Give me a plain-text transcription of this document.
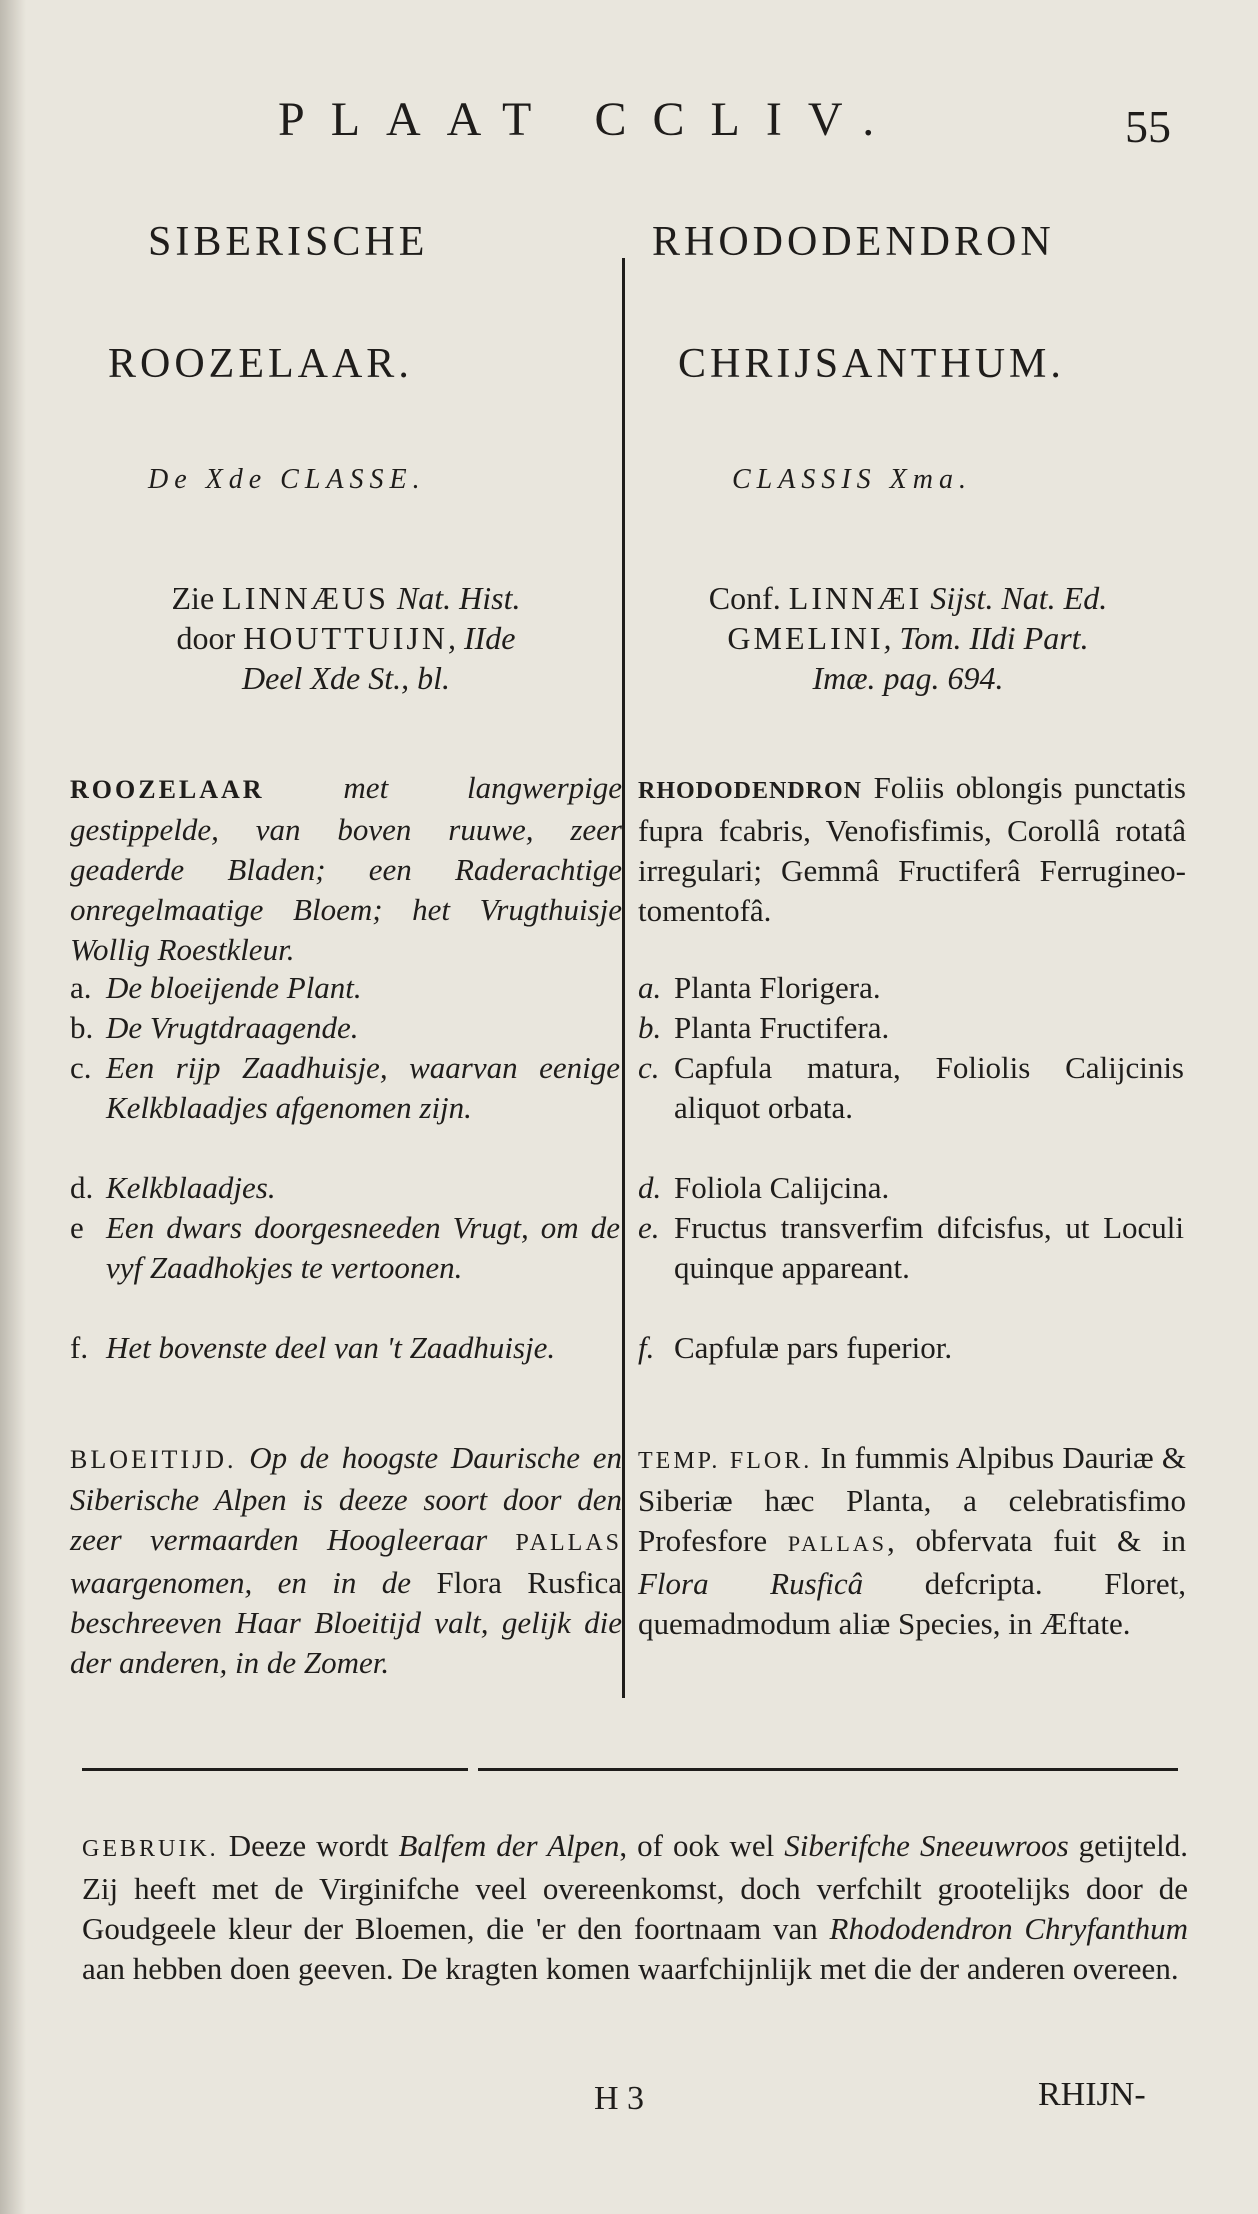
PLAAT CCLIV.	55
SIBERISCHE
ROOZELAAR.
De Xde CLASSE.
Zie LINNÆUS Nat. Hist.
door HOUTTUIJN, IIde
Deel Xde St., bl.
ROOZELAAR	met langwerpige gestippelde, van boven ruuwe, zeer geaderde Bladen; een Raderachtige onregelmaatige Bloem; het Vrugthuisje Wollig Roestkleur.
a. De bloeijende Plant.
b. De Vrugtdraagende.
c. Een rijp Zaadhuisje, waarvan eenige Kelkblaadjes afgenomen zijn.
d. Kelkblaadjes.
e Een dwars doorgesneeden Vrugt, om de vyf Zaadhokjes te vertoonen.
f. Het bovenste deel van 't Zaadhuisje.
BLOEITIJD. Op de hoogste Daurische en Siberische Alpen is deeze soort door den zeer vermaarden Hoogleeraar PALLAS waargenomen, en in de Flora Rusfica beschreeven Haar Bloeitijd valt, gelijk die der anderen, in de Zomer.
RHODODENDRON
CHRIJSANTHUM.
CLASSIS Xma.
Conf. LINNÆI Sijst. Nat. Ed.
GMELINI, Tom. IIdi Part.
Imæ. pag. 694.
RHODODENDRON Foliis oblongis punctatis fupra fcabris, Venofisfimis, Corollâ rotatâ irregulari; Gemmâ Fructiferâ Ferrugineo-tomentofâ.
a. Planta Florigera.
b. Planta Fructifera.
c. Capfula matura, Foliolis Calijcinis aliquot orbata.
d. Foliola Calijcina.
e. Fructus transverfim difcisfus, ut Loculi quinque appareant.
f. Capfulæ pars fuperior.
TEMP. FLOR. In fummis Alpibus Dauriæ & Siberiæ hæc Planta, a celebratisfimo Profesfore PALLAS, obfervata fuit & in Flora Rusficâ defcripta. Floret, quemadmodum aliæ Species, in Æftate.
GEBRUIK. Deeze wordt Balfem der Alpen, of ook wel Siberifche Sneeuwroos getijteld. Zij heeft met de Virginifche veel overeenkomst, doch verfchilt grootelijks door de Goudgeele kleur der Bloemen, die 'er den foortnaam van Rhododendron Chryfanthum aan hebben doen geeven. De kragten komen waarfchijnlijk met die der anderen overeen.
H 3	RHIJN-
